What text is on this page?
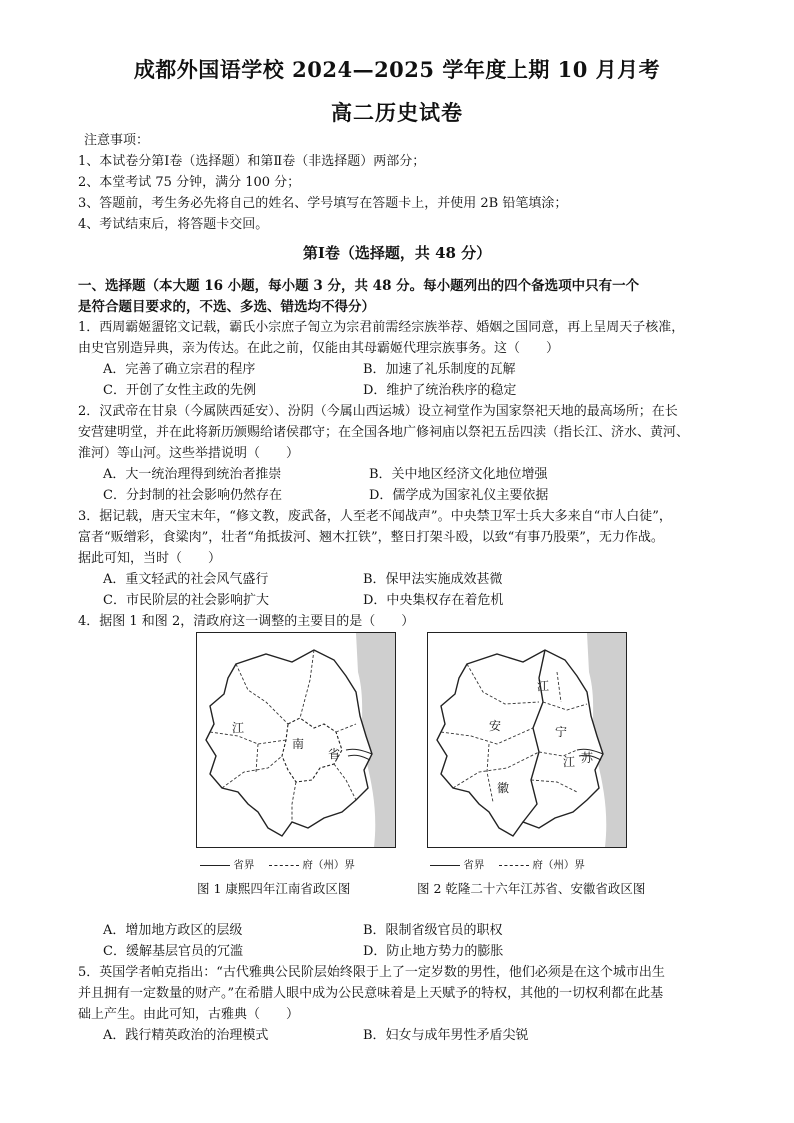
成都外国语学校 2024—2025 学年度上期 10 月月考
高二历史试卷
注意事项：
1、本试卷分第Ⅰ卷（选择题）和第Ⅱ卷（非选择题）两部分；
2、本堂考试 75 分钟，满分 100 分；
3、答题前，考生务必先将自己的姓名、学号填写在答题卡上，并使用 2B 铅笔填涂；
4、考试结束后，将答题卡交回。
第Ⅰ卷（选择题，共 48 分）
一、选择题（本大题 16 小题，每小题 3 分，共 48 分。每小题列出的四个备选项中只有一个
是符合题目要求的，不选、多选、错选均不得分）
1．西周霸姬盨铭文记载，霸氏小宗庶子訇立为宗君前需经宗族举荐、婚姻之国同意，再上呈周天子核准，
由史官别造异典，亲为传达。在此之前，仅能由其母霸姬代理宗族事务。这（　　）
A．完善了确立宗君的程序	B．加速了礼乐制度的瓦解
C．开创了女性主政的先例	D．维护了统治秩序的稳定
2．汉武帝在甘泉（今属陕西延安）、汾阴（今属山西运城）设立祠堂作为国家祭祀天地的最高场所；在长
安营建明堂，并在此将新历颁赐给诸侯郡守；在全国各地广修祠庙以祭祀五岳四渎（指长江、济水、黄河、
淮河）等山河。这些举措说明（　　）
A．大一统治理得到统治者推崇	B．关中地区经济文化地位增强
C．分封制的社会影响仍然存在	D．儒学成为国家礼仪主要依据
3．据记载，唐天宝末年，“修文教，废武备，人至老不闻战声”。中央禁卫军士兵大多来自“市人白徒”，
富者“贩缯彩，食粱肉”，壮者“角抵拔河、翘木扛铁”，整日打架斗殴，以致“有事乃股栗”，无力作战。
据此可知，当时（　　）
A．重文轻武的社会风气盛行	B．保甲法实施成效甚微
C．市民阶层的社会影响扩大	D．中央集权存在着危机
4．据图 1 和图 2，清政府这一调整的主要目的是（　　）
江
南
省
江
安	宁
苏
江
徽
省界	府（州）界	省界	府（州）界
图 1 康熙四年江南省政区图	图 2 乾隆二十六年江苏省、安徽省政区图
A．增加地方政区的层级	B．限制省级官员的职权
C．缓解基层官员的冗滥	D．防止地方势力的膨胀
5．英国学者帕克指出：“古代雅典公民阶层始终限于上了一定岁数的男性，他们必须是在这个城市出生
并且拥有一定数量的财产。”在希腊人眼中成为公民意味着是上天赋予的特权，其他的一切权利都在此基
础上产生。由此可知，古雅典（　　）
A．践行精英政治的治理模式	B．妇女与成年男性矛盾尖锐
